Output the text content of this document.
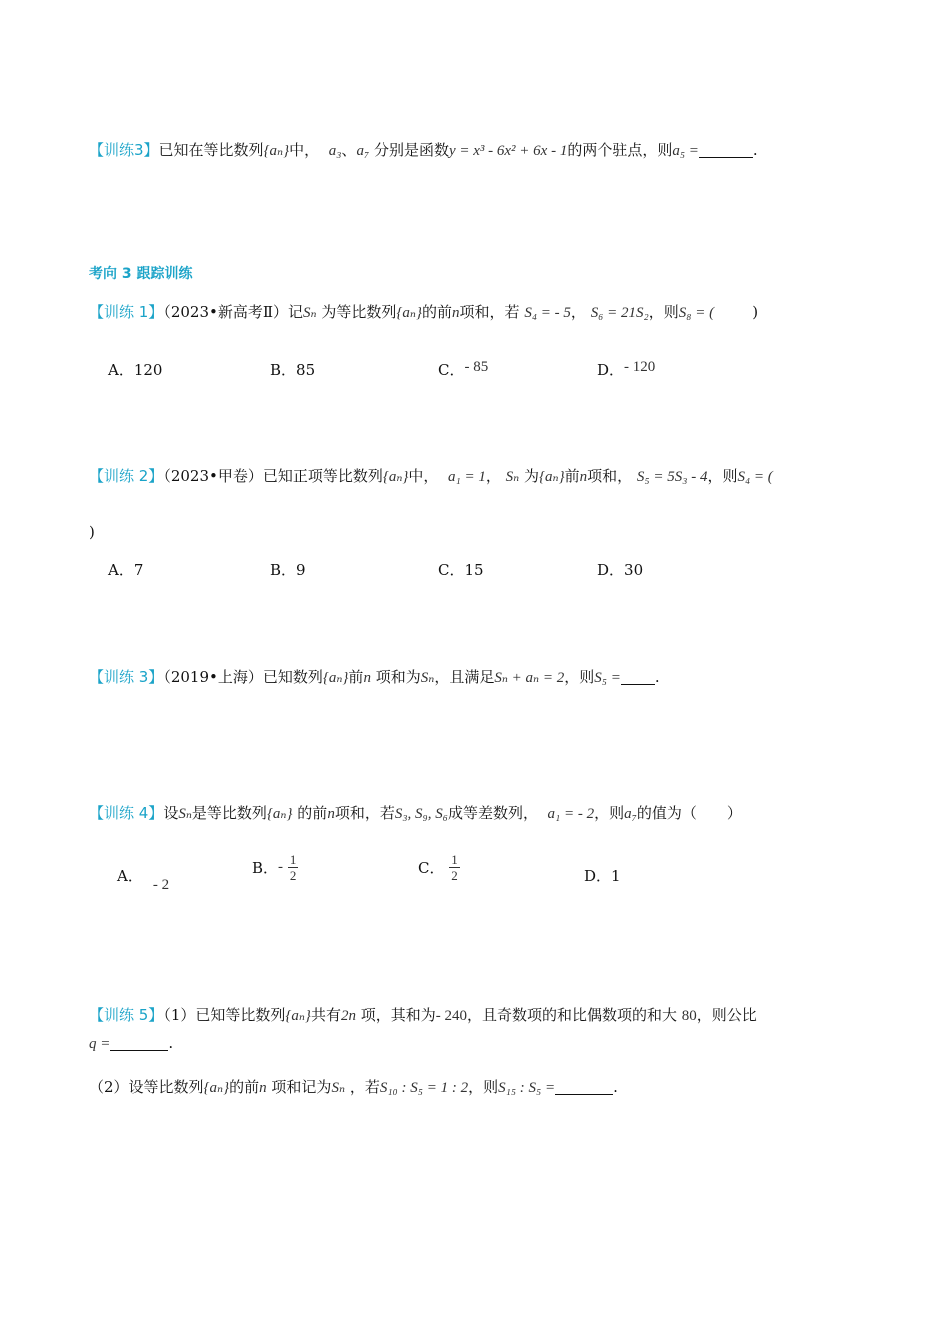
【训练3】已知在等比数列{aₙ}中， a₃、a₇ 分别是函数y = x³ - 6x² + 6x - 1的两个驻点，则a₅ =	.
考向 3 跟踪训练
【训练 1】（2023•新高考Ⅱ）记Sₙ 为等比数列{aₙ}的前n项和，若 S₄ = - 5， S₆ = 21S₂，则S₈ = (	)
A．120	B．85	C．- 85	D．- 120
【训练 2】（2023•甲卷）已知正项等比数列{aₙ}中， a₁ = 1， Sₙ 为{aₙ}前n项和， S₅ = 5S₃ - 4，则S₄ = (
)
A．7	B．9	C．15	D．30
【训练 3】（2019•上海）已知数列{aₙ}前n 项和为Sₙ，且满足Sₙ + aₙ = 2，则S₅ = .
【训练 4】设Sₙ是等比数列{aₙ} 的前n项和，若S₃, S₉, S₆成等差数列， a₁ = - 2，则a₇的值为（　　）
A． - 2
B．- $\frac{1}{2}$	C． $\frac{1}{2}$	D．1
【训练 5】（1）已知等比数列{aₙ}共有2n 项，其和为- 240，且奇数项的和比偶数项的和大 80，则公比
q =	.
（2）设等比数列{aₙ}的前n 项和记为Sₙ ，若S₁₀ : S₅ = 1 : 2，则S₁₅ : S₅ =	.
